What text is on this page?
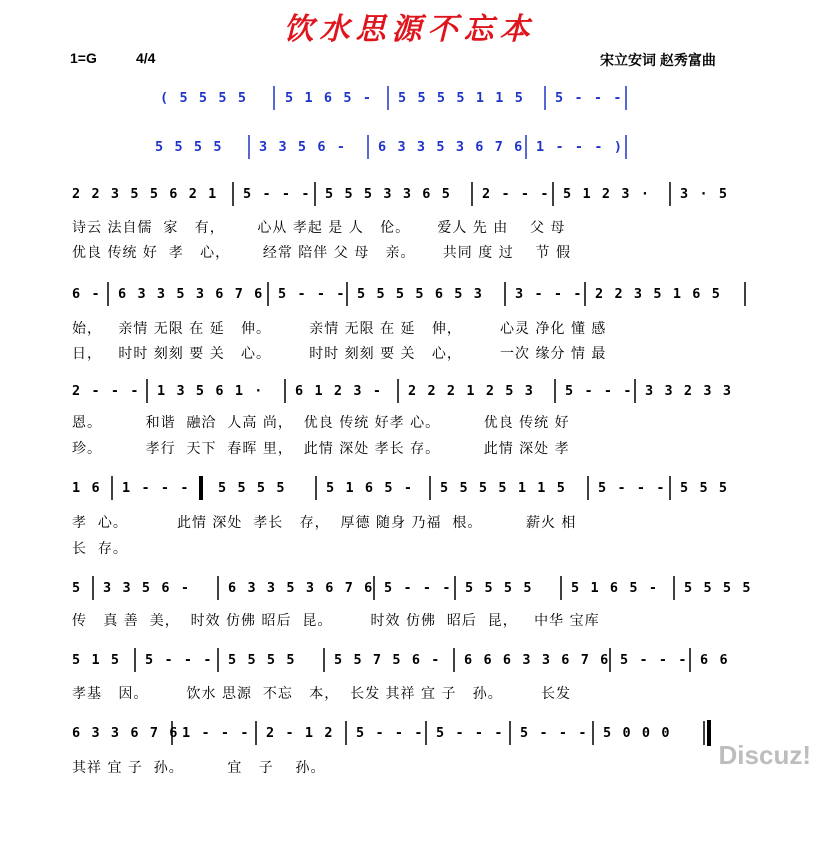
饮水思源不忘本
1=G	4/4	宋立安词 赵秀富曲

( 5 5 5 5

	5 1 6 5 -

5 5 5 5 1 1 5

5 - - -

5 5 5 5

	3 3 5 6 -

6 3 3 5 3 6 7 6

1 - - - )

2 2 3 5 5 6 2 1

5 - - -

5 5 5 3 3 6 5

2 - - -

5 1 2 3 ·

3 · 5

诗云 法自儒  家   有，      心从 孝起 是 人   伦。     爱人 先 由    父 母
优良 传统 好  孝   心，      经常 陪伴 父 母   亲。     共同 度 过    节 假

6 -

6 3 3 5 3 6 7 6

5 - - -

5 5 5 5 6 5 3

3 - - -

2 2 3 5 1 6 5

始，   亲情 无限 在 延   伸。       亲情 无限 在 延   伸，       心灵 净化 懂 感
日，   时时 刻刻 要 关   心。       时时 刻刻 要 关   心，       一次 缘分 情 最

2 - - -

1 3 5 6 1 ·

6 1 2 3 -

2 2 2 1 2 5 3

5 - - -

3 3 2 3 3

恩。        和谐  融洽  人高 尚，  优良 传统 好孝 心。        优良 传统 好
珍。        孝行  天下  春晖 里，  此情 深处 孝长 存。        此情 深处 孝

1 6

1 - - -

5 5 5 5

	5 1 6 5 -

5 5 5 5 1 1 5

5 - - -

5 5 5

孝  心。         此情 深处  孝长   存，  厚德 随身 乃福  根。        薪火 相
长  存。

5

3 3 5 6 -

	6 3 3 5 3 6 7 6

5 - - -

5 5 5 5

	5 1 6 5 -

5 5 5 5

传   真 善  美，  时效 仿佛 昭后  昆。       时效 仿佛  昭后  昆，   中华 宝库

5 1 5

5 - - -

5 5 5 5

	5 5 7 5 6 -

6 6 6 3 3 6 7 6

5 - - -

6 6

孝基   因。       饮水 思源  不忘   本，  长发 其祥 宜 子   孙。       长发

6 3 3 6 7 6

1 - - -

2 - 1 2

5 - - -

5 - - -

5 - - -

5 0 0 0

其祥 宜 子  孙。        宜   子    孙。	Discuz!
